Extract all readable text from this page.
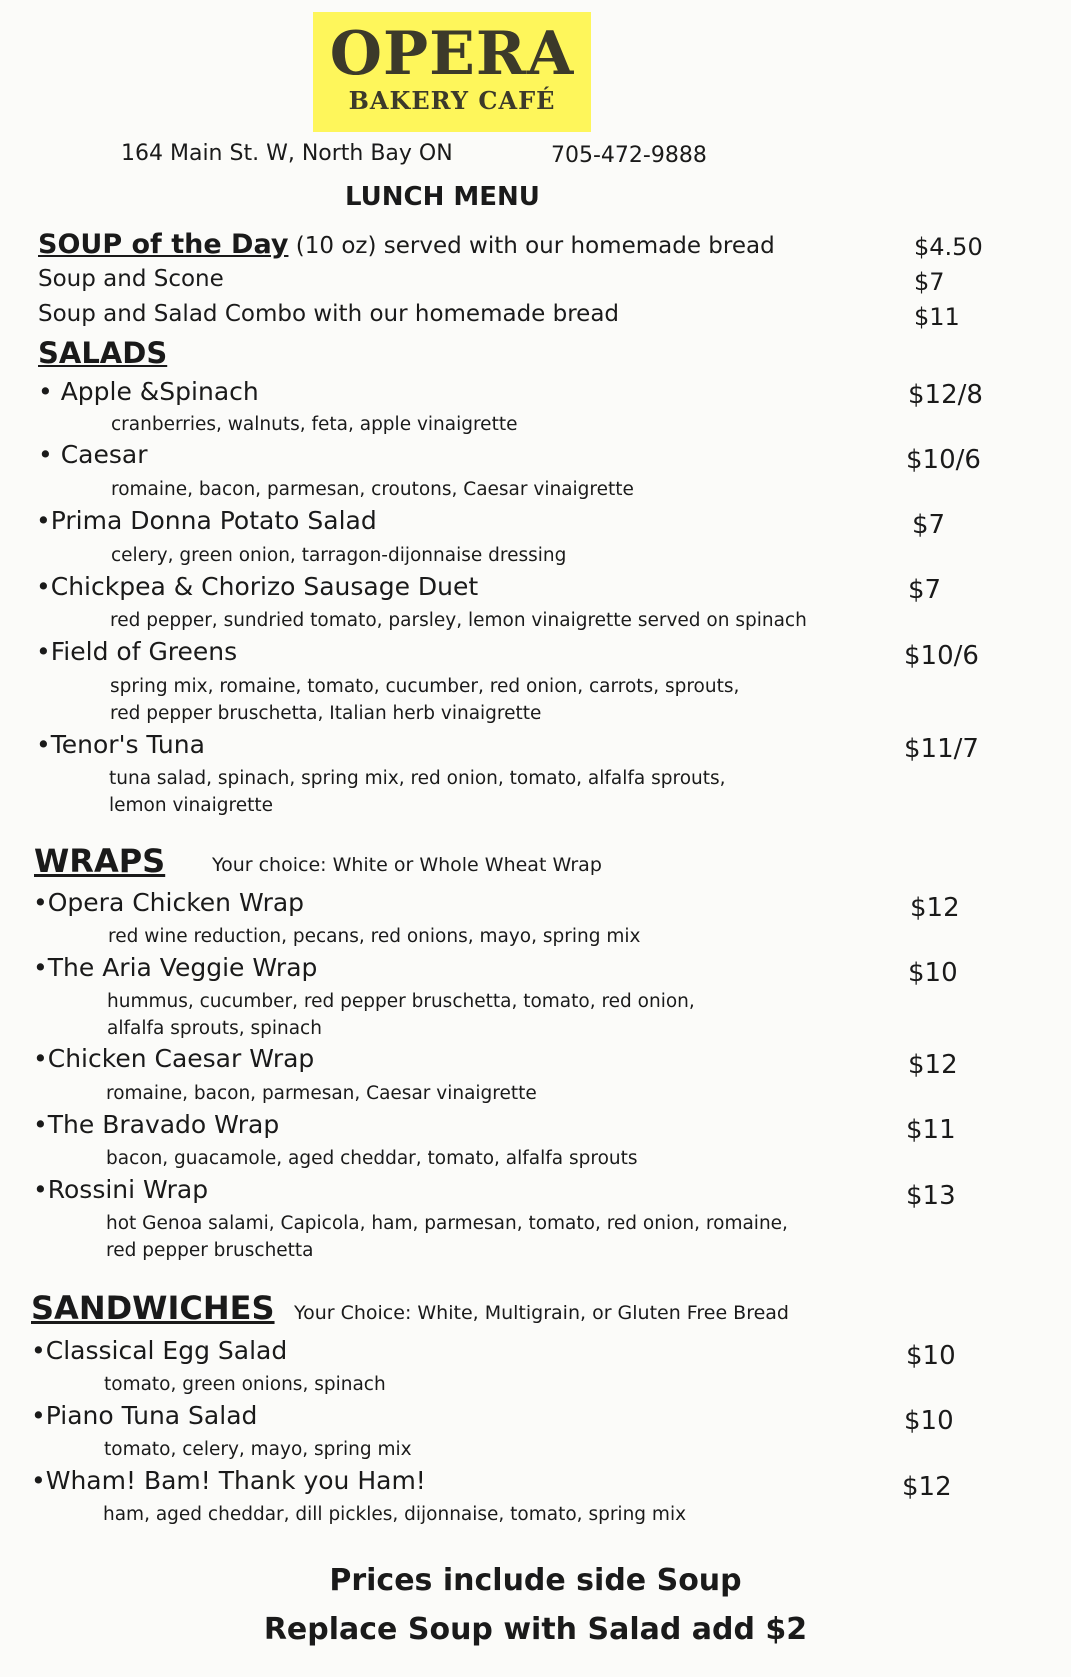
OPERA
BAKERY CAFÉ
164 Main St. W, North Bay ON	705-472-9888
LUNCH MENU
SOUP of the Day (10 oz) served with our homemade bread	$4.50
Soup and Scone	$7
Soup and Salad Combo with our homemade bread	$11
SALADS
• Apple &Spinach
cranberries, walnuts, feta, apple vinaigrette
$12/8
• Caesar
romaine, bacon, parmesan, croutons, Caesar vinaigrette
$10/6
•Prima Donna Potato Salad
celery, green onion, tarragon-dijonnaise dressing
$7
•Chickpea & Chorizo Sausage Duet
red pepper, sundried tomato, parsley, lemon vinaigrette served on spinach
$7
•Field of Greens
spring mix, romaine, tomato, cucumber, red onion, carrots, sprouts,
red pepper bruschetta, Italian herb vinaigrette
$10/6
•Tenor's Tuna
tuna salad, spinach, spring mix, red onion, tomato, alfalfa sprouts,
lemon vinaigrette
$11/7
WRAPS Your choice: White or Whole Wheat Wrap
•Opera Chicken Wrap
red wine reduction, pecans, red onions, mayo, spring mix
$12
•The Aria Veggie Wrap
hummus, cucumber, red pepper bruschetta, tomato, red onion,
alfalfa sprouts, spinach
$10
•Chicken Caesar Wrap
romaine, bacon, parmesan, Caesar vinaigrette
$12
•The Bravado Wrap
bacon, guacamole, aged cheddar, tomato, alfalfa sprouts
$11
•Rossini Wrap
hot Genoa salami, Capicola, ham, parmesan, tomato, red onion, romaine,
red pepper bruschetta
$13
SANDWICHES Your Choice: White, Multigrain, or Gluten Free Bread
•Classical Egg Salad
tomato, green onions, spinach
$10
•Piano Tuna Salad
tomato, celery, mayo, spring mix
$10
•Wham! Bam! Thank you Ham!
ham, aged cheddar, dill pickles, dijonnaise, tomato, spring mix
$12
Prices include side Soup
Replace Soup with Salad add $2
